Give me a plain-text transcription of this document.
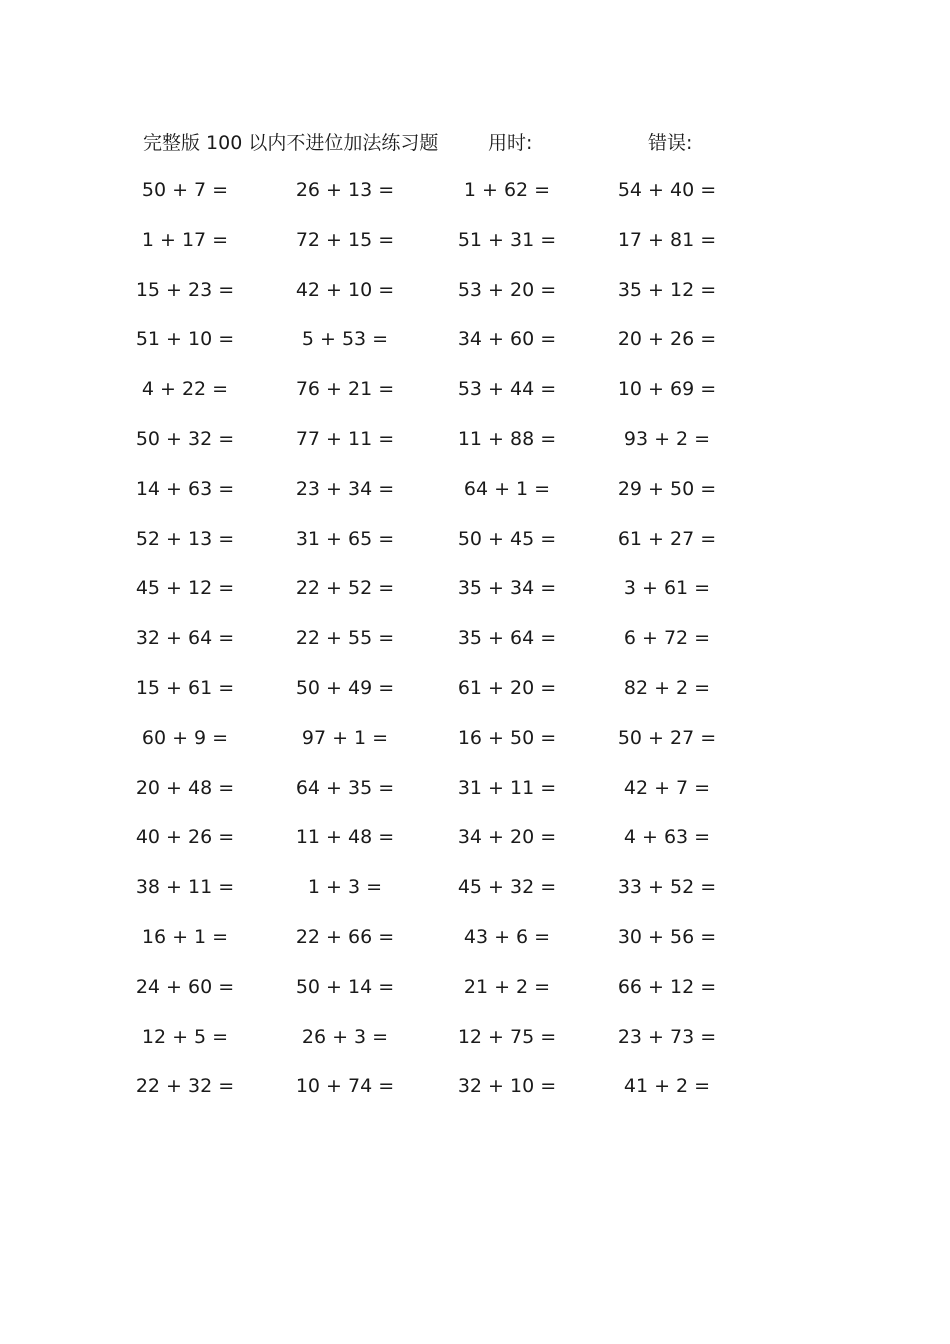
完整版 100 以内不进位加法练习题	用时:	错误:
50 + 7 =	26 + 13 =	1 + 62 =	54 + 40 =
1 + 17 =	72 + 15 =	51 + 31 =	17 + 81 =
15 + 23 =	42 + 10 =	53 + 20 =	35 + 12 =
51 + 10 =	5 + 53 =	34 + 60 =	20 + 26 =
4 + 22 =	76 + 21 =	53 + 44 =	10 + 69 =
50 + 32 =	77 + 11 =	11 + 88 =	93 + 2 =
14 + 63 =	23 + 34 =	64 + 1 =	29 + 50 =
52 + 13 =	31 + 65 =	50 + 45 =	61 + 27 =
45 + 12 =	22 + 52 =	35 + 34 =	3 + 61 =
32 + 64 =	22 + 55 =	35 + 64 =	6 + 72 =
15 + 61 =	50 + 49 =	61 + 20 =	82 + 2 =
60 + 9 =	97 + 1 =	16 + 50 =	50 + 27 =
20 + 48 =	64 + 35 =	31 + 11 =	42 + 7 =
40 + 26 =	11 + 48 =	34 + 20 =	4 + 63 =
38 + 11 =	1 + 3 =	45 + 32 =	33 + 52 =
16 + 1 =	22 + 66 =	43 + 6 =	30 + 56 =
24 + 60 =	50 + 14 =	21 + 2 =	66 + 12 =
12 + 5 =	26 + 3 =	12 + 75 =	23 + 73 =
22 + 32 =	10 + 74 =	32 + 10 =	41 + 2 =
